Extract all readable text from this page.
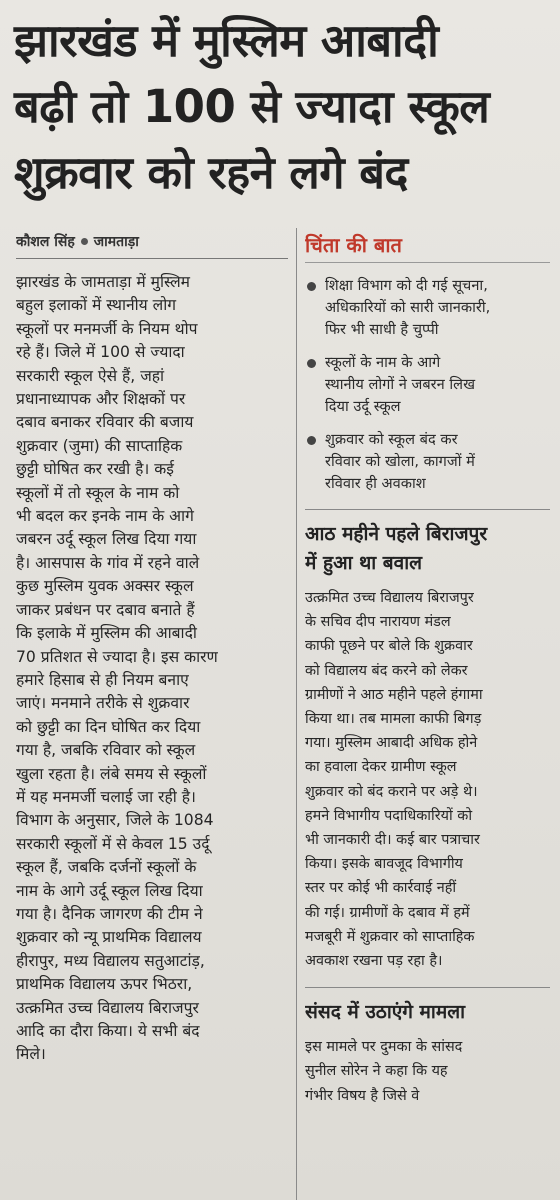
झारखंड में मुस्लिम आबादी
बढ़ी तो 100 से ज्यादा स्कूल
शुक्रवार को रहने लगे बंद
कौशल सिंह जामताड़ा
झारखंड के जामताड़ा में मुस्लिम
बहुल इलाकों में स्थानीय लोग
स्कूलों पर मनमर्जी के नियम थोप
रहे हैं। जिले में 100 से ज्यादा
सरकारी स्कूल ऐसे हैं, जहां
प्रधानाध्यापक और शिक्षकों पर
दबाव बनाकर रविवार की बजाय
शुक्रवार (जुमा) की साप्ताहिक
छुट्टी घोषित कर रखी है। कई
स्कूलों में तो स्कूल के नाम को
भी बदल कर इनके नाम के आगे
जबरन उर्दू स्कूल लिख दिया गया
है। आसपास के गांव में रहने वाले
कुछ मुस्लिम युवक अक्सर स्कूल
जाकर प्रबंधन पर दबाव बनाते हैं
कि इलाके में मुस्लिम की आबादी
70 प्रतिशत से ज्यादा है। इस कारण
हमारे हिसाब से ही नियम बनाए
जाएं। मनमाने तरीके से शुक्रवार
को छुट्टी का दिन घोषित कर दिया
गया है, जबकि रविवार को स्कूल
खुला रहता है। लंबे समय से स्कूलों
में यह मनमर्जी चलाई जा रही है।
विभाग के अनुसार, जिले के 1084
सरकारी स्कूलों में से केवल 15 उर्दू
स्कूल हैं, जबकि दर्जनों स्कूलों के
नाम के आगे उर्दू स्कूल लिख दिया
गया है। दैनिक जागरण की टीम ने
शुक्रवार को न्यू प्राथमिक विद्यालय
हीरापुर, मध्य विद्यालय सतुआटांड़,
प्राथमिक विद्यालय ऊपर भिठरा,
उत्क्रमित उच्च विद्यालय बिराजपुर
आदि का दौरा किया। ये सभी बंद
मिले।
चिंता की बात
शिक्षा विभाग को दी गई सूचना,
अधिकारियों को सारी जानकारी,
फिर भी साधी है चुप्पी
स्कूलों के नाम के आगे
स्थानीय लोगों ने जबरन लिख
दिया उर्दू स्कूल
शुक्रवार को स्कूल बंद कर
रविवार को खोला, कागजों में
रविवार ही अवकाश
आठ महीने पहले बिराजपुर
में हुआ था बवाल
उत्क्रमित उच्च विद्यालय बिराजपुर
के सचिव दीप नारायण मंडल
काफी पूछने पर बोले कि शुक्रवार
को विद्यालय बंद करने को लेकर
ग्रामीणों ने आठ महीने पहले हंगामा
किया था। तब मामला काफी बिगड़
गया। मुस्लिम आबादी अधिक होने
का हवाला देकर ग्रामीण स्कूल
शुक्रवार को बंद कराने पर अड़े थे।
हमने विभागीय पदाधिकारियों को
भी जानकारी दी। कई बार पत्राचार
किया। इसके बावजूद विभागीय
स्तर पर कोई भी कार्रवाई नहीं
की गई। ग्रामीणों के दबाव में हमें
मजबूरी में शुक्रवार को साप्ताहिक
अवकाश रखना पड़ रहा है।
संसद में उठाएंगे मामला
इस मामले पर दुमका के सांसद
सुनील सोरेन ने कहा कि यह
गंभीर विषय है जिसे वे
